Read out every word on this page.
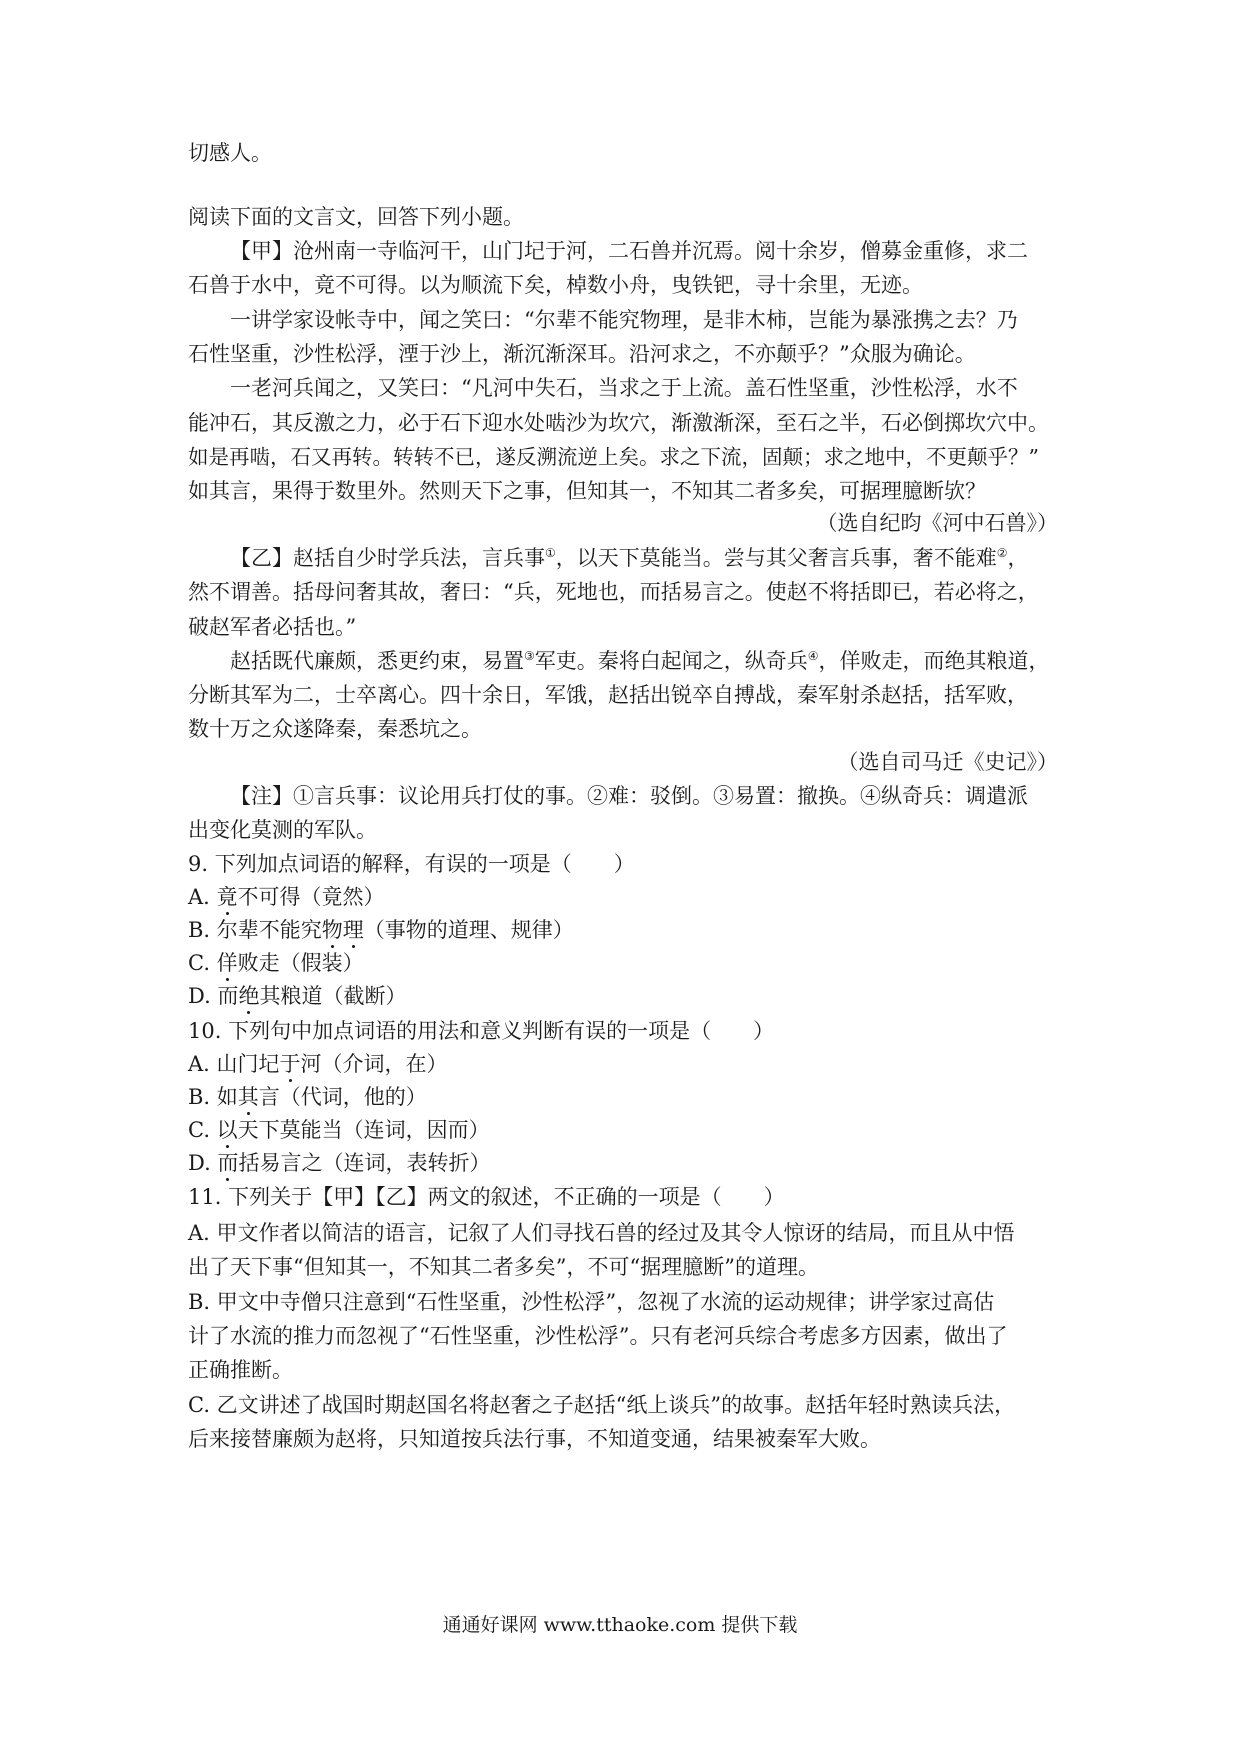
切感人。
阅读下面的文言文，回答下列小题。
【甲】沧州南一寺临河干，山门圮于河，二石兽并沉焉。阅十余岁，僧募金重修，求二
石兽于水中，竟不可得。以为顺流下矣，棹数小舟，曳铁钯，寻十余里，无迹。
一讲学家设帐寺中，闻之笑曰：“尔辈不能究物理，是非木柿，岂能为暴涨携之去？乃
石性坚重，沙性松浮，湮于沙上，渐沉渐深耳。沿河求之，不亦颠乎？”众服为确论。
一老河兵闻之，又笑曰：“凡河中失石，当求之于上流。盖石性坚重，沙性松浮，水不
能冲石，其反激之力，必于石下迎水处啮沙为坎穴，渐激渐深，至石之半，石必倒掷坎穴中。
如是再啮，石又再转。转转不已，遂反溯流逆上矣。求之下流，固颠；求之地中，不更颠乎？”
如其言，果得于数里外。然则天下之事，但知其一，不知其二者多矣，可据理臆断欤？
（选自纪昀《河中石兽》）
【乙】赵括自少时学兵法，言兵事①，以天下莫能当。尝与其父奢言兵事，奢不能难②，
然不谓善。括母问奢其故，奢曰：“兵，死地也，而括易言之。使赵不将括即已，若必将之，
破赵军者必括也。”
赵括既代廉颇，悉更约束，易置③军吏。秦将白起闻之，纵奇兵④，佯败走，而绝其粮道，
分断其军为二，士卒离心。四十余日，军饿，赵括出锐卒自搏战，秦军射杀赵括，括军败，
数十万之众遂降秦，秦悉坑之。
（选自司马迁《史记》）
【注】①言兵事：议论用兵打仗的事。②难：驳倒。③易置：撤换。④纵奇兵：调遣派
出变化莫测的军队。
9. 下列加点词语的解释，有误的一项是（　　）
A. 竟不可得（竟然）
B. 尔辈不能究物理（事物的道理、规律）
C. 佯败走（假装）
D. 而绝其粮道（截断）
10. 下列句中加点词语的用法和意义判断有误的一项是（　　）
A. 山门圮于河（介词，在）
B. 如其言（代词，他的）
C. 以天下莫能当（连词，因而）
D. 而括易言之（连词，表转折）
11. 下列关于【甲】【乙】两文的叙述，不正确的一项是（　　）
A. 甲文作者以简洁的语言，记叙了人们寻找石兽的经过及其令人惊讶的结局，而且从中悟
出了天下事“但知其一，不知其二者多矣”，不可“据理臆断”的道理。
B. 甲文中寺僧只注意到“石性坚重，沙性松浮”，忽视了水流的运动规律；讲学家过高估
计了水流的推力而忽视了“石性坚重，沙性松浮”。只有老河兵综合考虑多方因素，做出了
正确推断。
C. 乙文讲述了战国时期赵国名将赵奢之子赵括“纸上谈兵”的故事。赵括年轻时熟读兵法，
后来接替廉颇为赵将，只知道按兵法行事，不知道变通，结果被秦军大败。
通通好课网 www.tthaoke.com 提供下载
